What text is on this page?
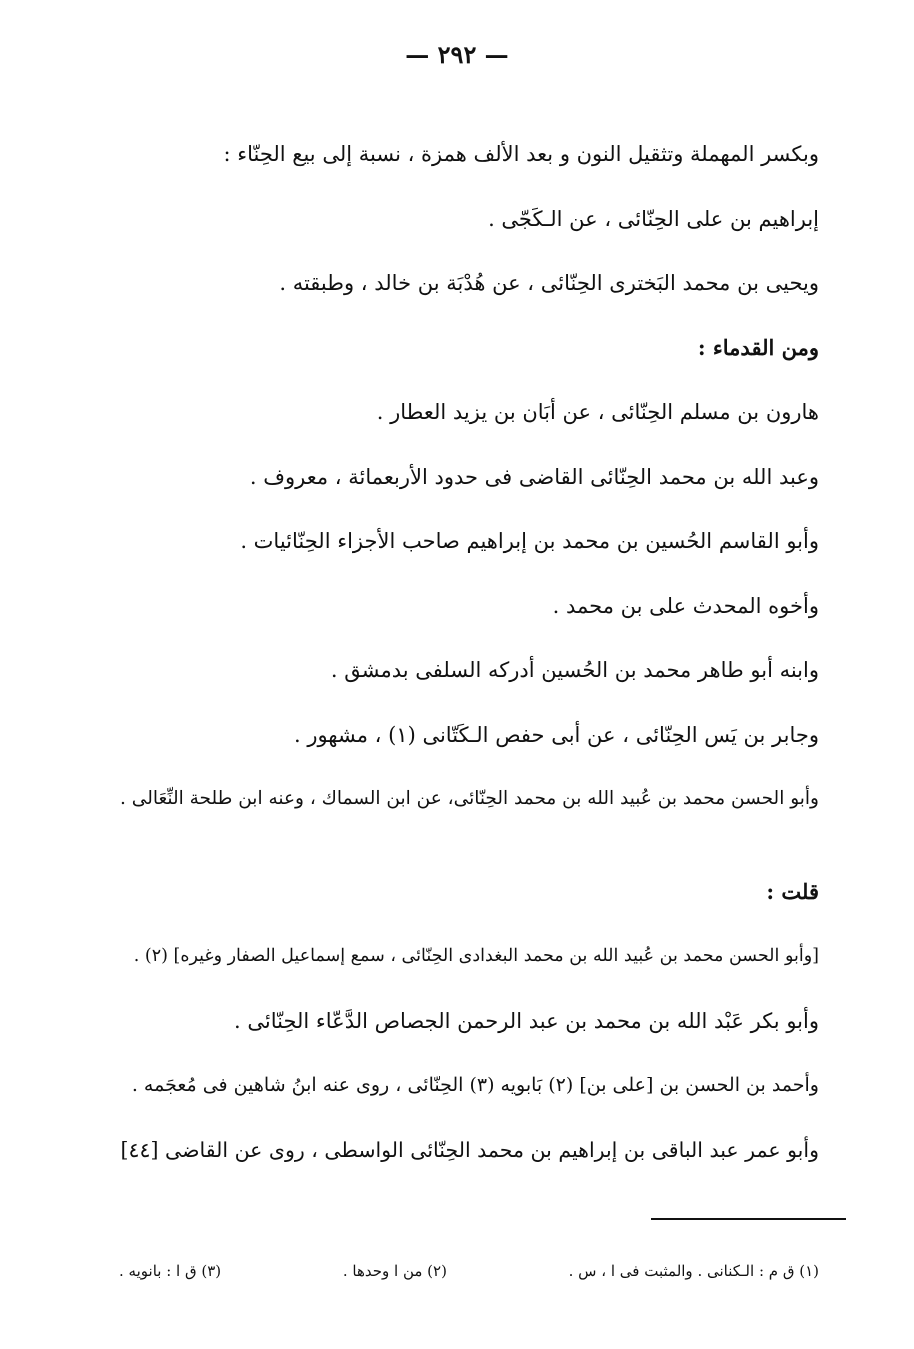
— ٢٩٢ —
وبكسر المهملة وتثقيل النون و بعد الألف همزة ، نسبة إلى بيع الحِنّاء :
إبراهيم بن على الحِنّائى ، عن الـكَجّى .
ويحيى بن محمد البَخترى الحِنّائى ، عن هُدْبَة بن خالد ، وطبقته .
ومن القدماء :
هارون بن مسلم الحِنّائى ، عن أبَان بن يزيد العطار .
وعبد الله بن محمد الحِنّائى القاضى فى حدود الأربعمائة ، معروف .
وأبو القاسم الحُسين بن محمد بن إبراهيم صاحب الأجزاء الحِنّائيات .
وأخوه المحدث على بن محمد .
وابنه أبو طاهر محمد بن الحُسين أدركه السلفى بدمشق .
وجابر بن يَس الحِنّائى ، عن أبى حفص الـكَتّانى (١) ، مشهور .
وأبو الحسن محمد بن عُبيد الله بن محمد الحِنّائى، عن ابن السماك ، وعنه ابن طلحة النِّعَالى .
قلت :
[وأبو الحسن محمد بن عُبيد الله بن محمد البغدادى الحِنّائى ، سمع إسماعيل الصفار وغيره] (٢) .
وأبو بكر عَبْد الله بن محمد بن عبد الرحمن الجصاص الدَّعّاء الحِنّائى .
وأحمد بن الحسن بن [على بن] (٢) بَابويه (٣) الحِنّائى ، روى عنه ابنُ شاهين فى مُعجَمه .
وأبو عمر عبد الباقى بن إبراهيم بن محمد الحِنّائى الواسطى ، روى عن القاضى [٤٤]
(١) ق م : الـكنانى . والمثبت فى ا ، س .
(٢) من ا وحدها .
(٣) ق ا : بانويه .
